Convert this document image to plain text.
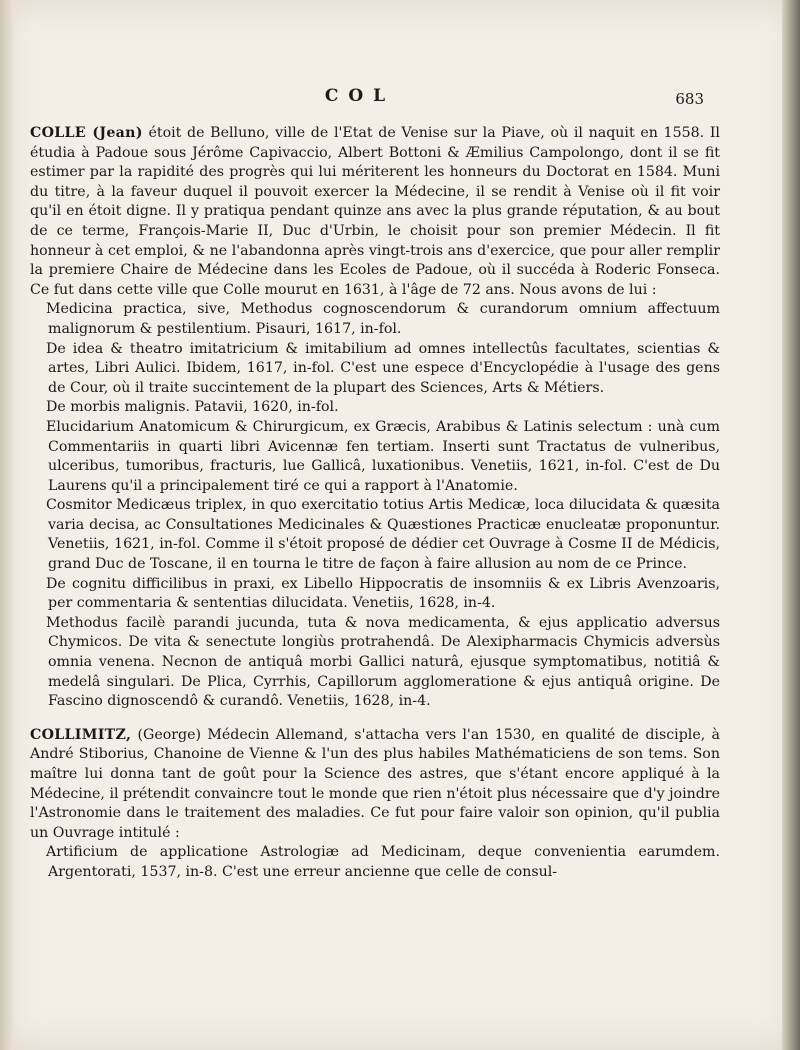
COL	683

COLLE (Jean) étoit de Belluno, ville de l'Etat de Venise sur la Piave, où il naquit en 1558. Il étudia à Padoue sous Jérôme Capivaccio, Albert Bottoni & Æmilius Campolongo, dont il se fit estimer par la rapidité des progrès qui lui mériterent les honneurs du Doctorat en 1584. Muni du titre, à la faveur duquel il pouvoit exercer la Médecine, il se rendit à Venise où il fit voir qu'il en étoit digne. Il y pratiqua pendant quinze ans avec la plus grande réputation, & au bout de ce terme, François-Marie II, Duc d'Urbin, le choisit pour son premier Médecin. Il fit honneur à cet emploi, & ne l'abandonna après vingt-trois ans d'exercice, que pour aller remplir la premiere Chaire de Médecine dans les Ecoles de Padoue, où il succéda à Roderic Fonseca. Ce fut dans cette ville que Colle mourut en 1631, à l'âge de 72 ans. Nous avons de lui :

Medicina practica, sive, Methodus cognoscendorum & curandorum omnium affectuum malignorum & pestilentium. Pisauri, 1617, in-fol.

De idea & theatro imitatricium & imitabilium ad omnes intellectûs facultates, scientias & artes, Libri Aulici. Ibidem, 1617, in-fol. C'est une espece d'Encyclopédie à l'usage des gens de Cour, où il traite succintement de la plupart des Sciences, Arts & Métiers.

De morbis malignis. Patavii, 1620, in-fol.

Elucidarium Anatomicum & Chirurgicum, ex Græcis, Arabibus & Latinis selectum : unà cum Commentariis in quarti libri Avicennæ fen tertiam. Inserti sunt Tractatus de vulneribus, ulceribus, tumoribus, fracturis, lue Gallicâ, luxationibus. Venetiis, 1621, in-fol. C'est de Du Laurens qu'il a principalement tiré ce qui a rapport à l'Anatomie.

Cosmitor Medicæus triplex, in quo exercitatio totius Artis Medicæ, loca dilucidata & quæsita varia decisa, ac Consultationes Medicinales & Quæstiones Practicæ enucleatæ proponuntur. Venetiis, 1621, in-fol. Comme il s'étoit proposé de dédier cet Ouvrage à Cosme II de Médicis, grand Duc de Toscane, il en tourna le titre de façon à faire allusion au nom de ce Prince.

De cognitu difficilibus in praxi, ex Libello Hippocratis de insomniis & ex Libris Avenzoaris, per commentaria & sententias dilucidata. Venetiis, 1628, in-4.

Methodus facilè parandi jucunda, tuta & nova medicamenta, & ejus applicatio adversus Chymicos. De vita & senectute longiùs protrahendâ. De Alexipharmacis Chymicis adversùs omnia venena. Necnon de antiquâ morbi Gallici naturâ, ejusque symptomatibus, notitiâ & medelâ singulari. De Plica, Cyrrhis, Capillorum agglomeratione & ejus antiquâ origine. De Fascino dignoscendô & curandô. Venetiis, 1628, in-4.

COLLIMITZ, (George) Médecin Allemand, s'attacha vers l'an 1530, en qualité de disciple, à André Stiborius, Chanoine de Vienne & l'un des plus habiles Mathématiciens de son tems. Son maître lui donna tant de goût pour la Science des astres, que s'étant encore appliqué à la Médecine, il prétendit convaincre tout le monde que rien n'étoit plus nécessaire que d'y joindre l'Astronomie dans le traitement des maladies. Ce fut pour faire valoir son opinion, qu'il publia un Ouvrage intitulé :

Artificium de applicatione Astrologiæ ad Medicinam, deque convenientia earumdem. Argentorati, 1537, in-8. C'est une erreur ancienne que celle de consul-
